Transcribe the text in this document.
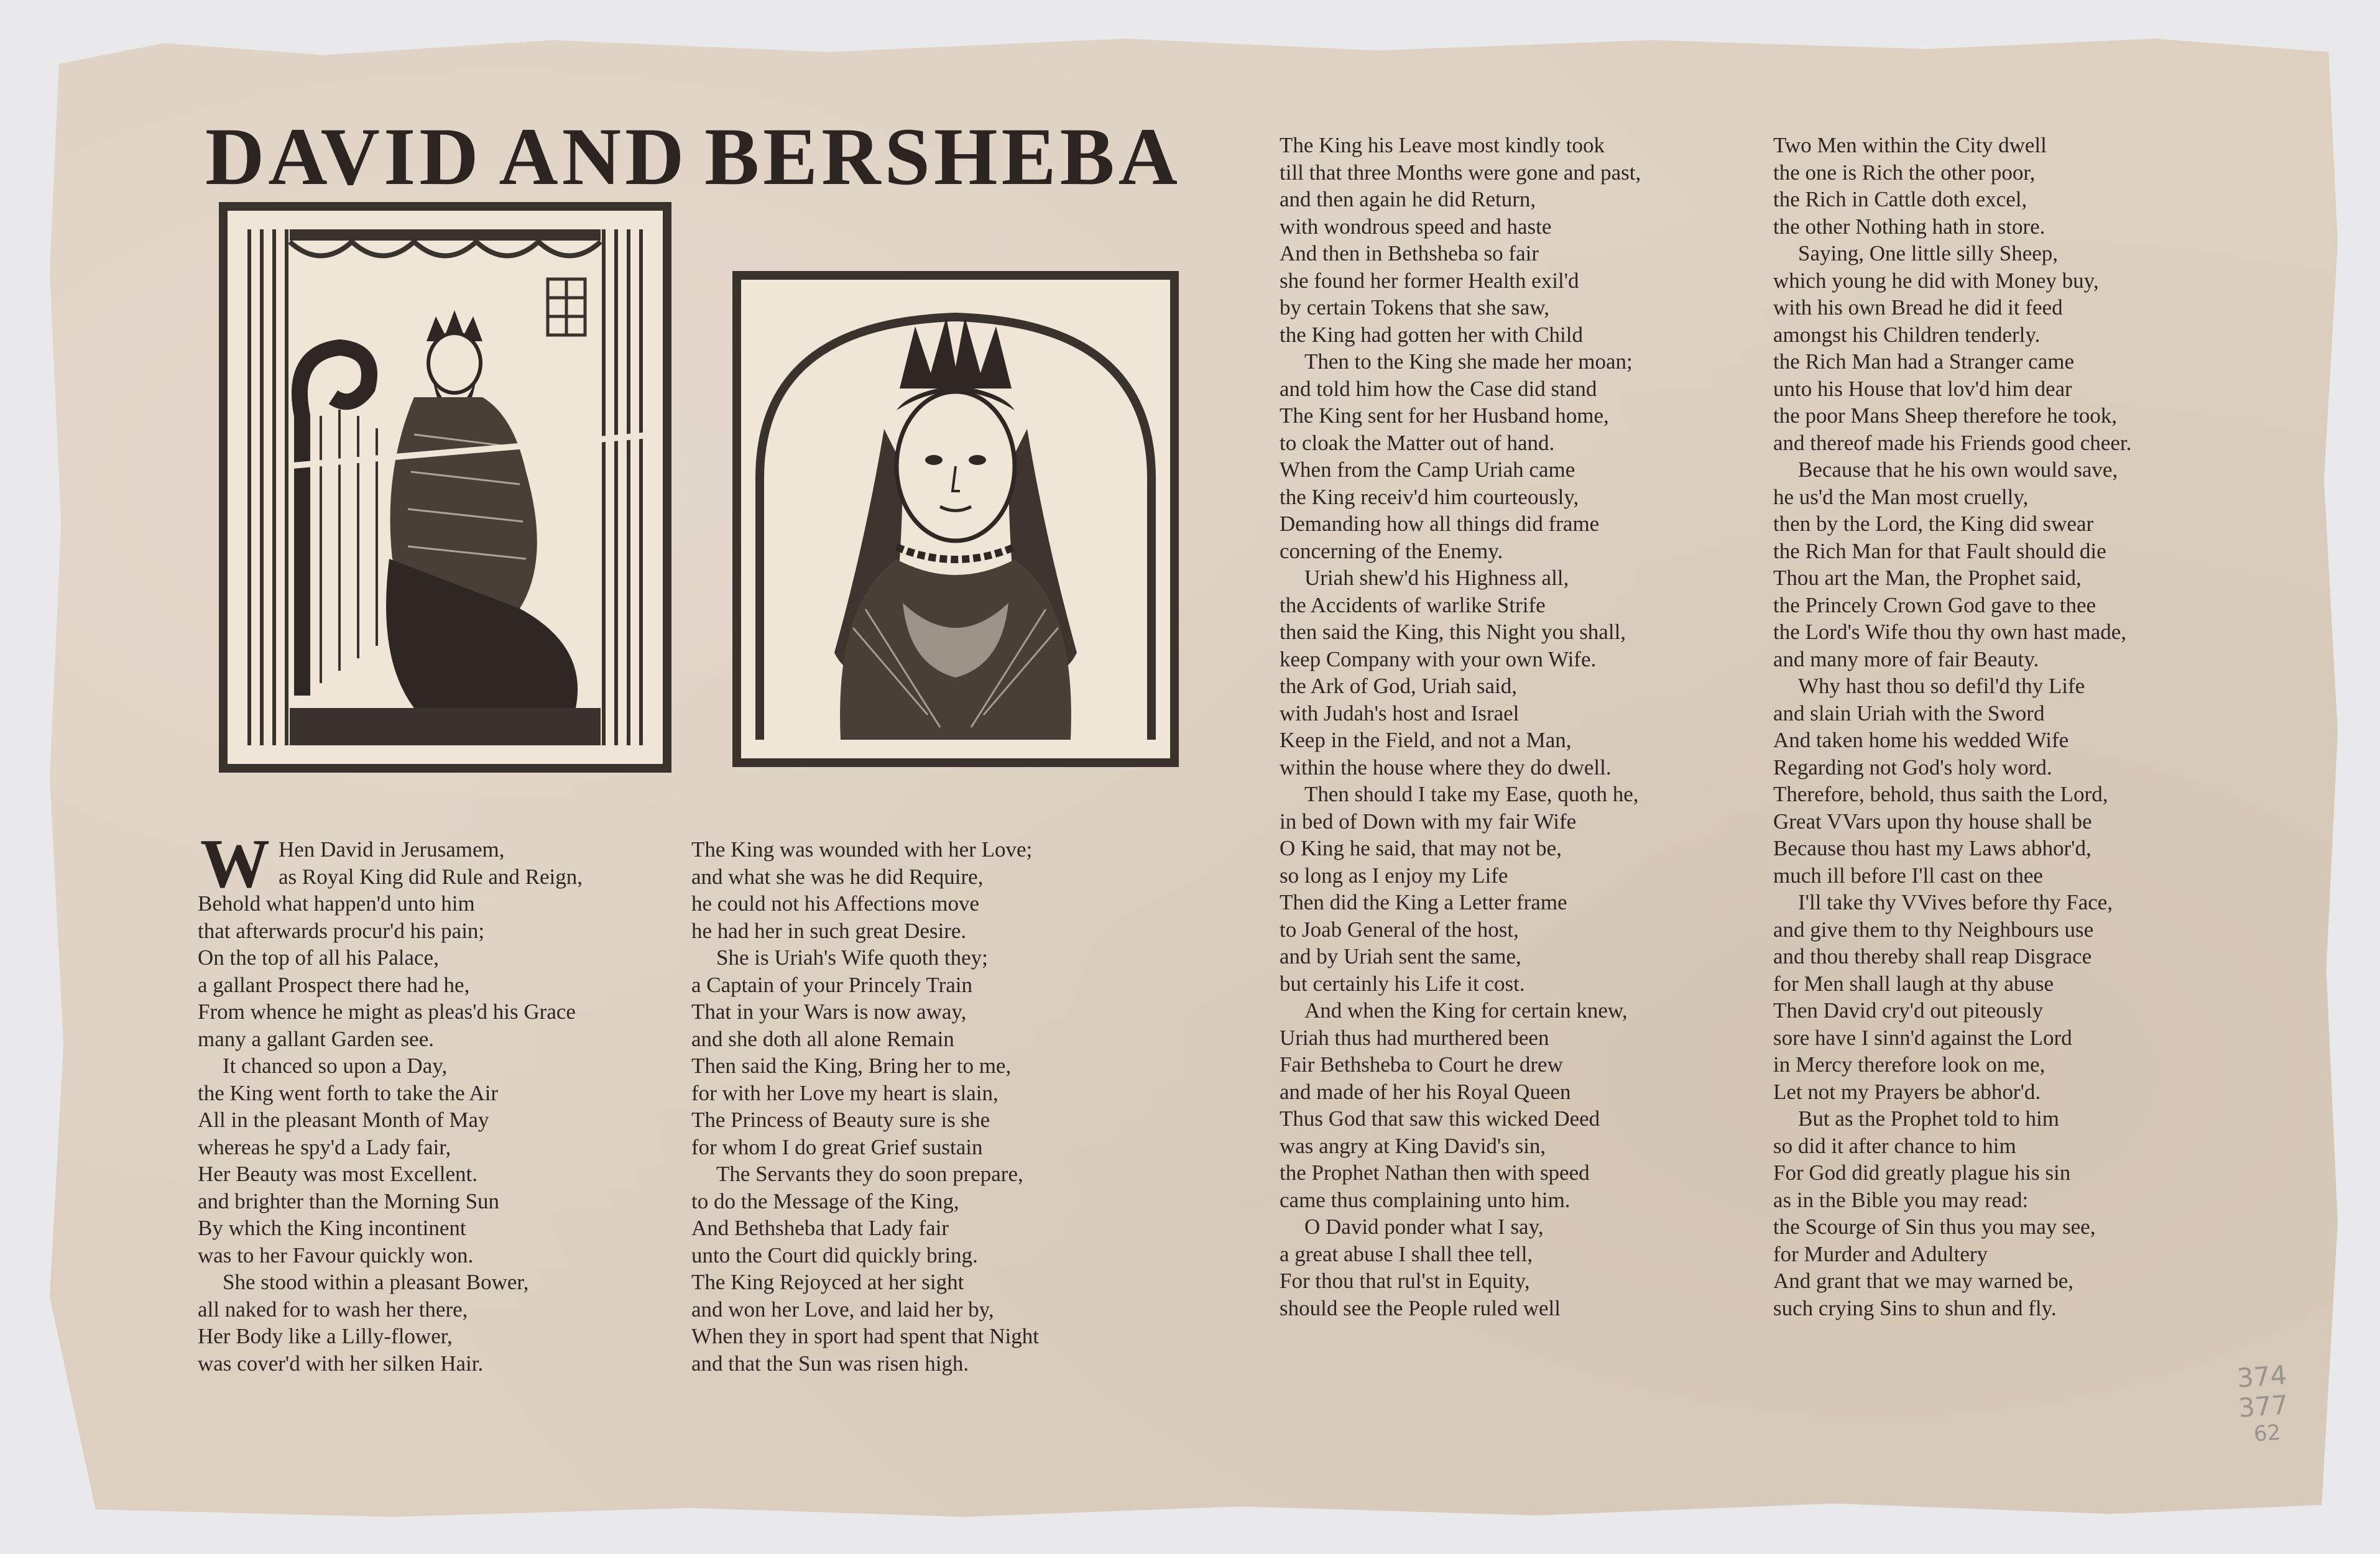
DAVID AND BERSHEBA
W Hen David in Jerusamem,

as Royal King did Rule and Reign,

Behold what happen'd unto him

that afterwards procur'd his pain;

On the top of all his Palace,

a gallant Prospect there had he,

From whence he might as pleas'd his Grace

many a gallant Garden see.

It chanced so upon a Day,

the King went forth to take the Air

All in the pleasant Month of May

whereas he spy'd a Lady fair,

Her Beauty was most Excellent.

and brighter than the Morning Sun

By which the King incontinent

was to her Favour quickly won.

She stood within a pleasant Bower,

all naked for to wash her there,

Her Body like a Lilly-flower,

was cover'd with her silken Hair.

The King was wounded with her Love;

and what she was he did Require,

he could not his Affections move

he had her in such great Desire.

She is Uriah's Wife quoth they;

a Captain of your Princely Train

That in your Wars is now away,

and she doth all alone Remain

Then said the King, Bring her to me,

for with her Love my heart is slain,

The Princess of Beauty sure is she

for whom I do great Grief sustain

The Servants they do soon prepare,

to do the Message of the King,

And Bethsheba that Lady fair

unto the Court did quickly bring.

The King Rejoyced at her sight

and won her Love, and laid her by,

When they in sport had spent that Night

and that the Sun was risen high.

The King his Leave most kindly took

till that three Months were gone and past,

and then again he did Return,

with wondrous speed and haste

And then in Bethsheba so fair

she found her former Health exil'd

by certain Tokens that she saw,

the King had gotten her with Child

Then to the King she made her moan;

and told him how the Case did stand

The King sent for her Husband home,

to cloak the Matter out of hand.

When from the Camp Uriah came

the King receiv'd him courteously,

Demanding how all things did frame

concerning of the Enemy.

Uriah shew'd his Highness all,

the Accidents of warlike Strife

then said the King, this Night you shall,

keep Company with your own Wife.

the Ark of God, Uriah said,

with Judah's host and Israel

Keep in the Field, and not a Man,

within the house where they do dwell.

Then should I take my Ease, quoth he,

in bed of Down with my fair Wife

O King he said, that may not be,

so long as I enjoy my Life

Then did the King a Letter frame

to Joab General of the host,

and by Uriah sent the same,

but certainly his Life it cost.

And when the King for certain knew,

Uriah thus had murthered been

Fair Bethsheba to Court he drew

and made of her his Royal Queen

Thus God that saw this wicked Deed

was angry at King David's sin,

the Prophet Nathan then with speed

came thus complaining unto him.

O David ponder what I say,

a great abuse I shall thee tell,

For thou that rul'st in Equity,

should see the People ruled well

Two Men within the City dwell

the one is Rich the other poor,

the Rich in Cattle doth excel,

the other Nothing hath in store.

Saying, One little silly Sheep,

which young he did with Money buy,

with his own Bread he did it feed

amongst his Children tenderly.

the Rich Man had a Stranger came

unto his House that lov'd him dear

the poor Mans Sheep therefore he took,

and thereof made his Friends good cheer.

Because that he his own would save,

he us'd the Man most cruelly,

then by the Lord, the King did swear

the Rich Man for that Fault should die

Thou art the Man, the Prophet said,

the Princely Crown God gave to thee

the Lord's Wife thou thy own hast made,

and many more of fair Beauty.

Why hast thou so defil'd thy Life

and slain Uriah with the Sword

And taken home his wedded Wife

Regarding not God's holy word.

Therefore, behold, thus saith the Lord,

Great VVars upon thy house shall be

Because thou hast my Laws abhor'd,

much ill before I'll cast on thee

I'll take thy VVives before thy Face,

and give them to thy Neighbours use

and thou thereby shall reap Disgrace

for Men shall laugh at thy abuse

Then David cry'd out piteously

sore have I sinn'd against the Lord

in Mercy therefore look on me,

Let not my Prayers be abhor'd.

But as the Prophet told to him

so did it after chance to him

For God did greatly plague his sin

as in the Bible you may read:

the Scourge of Sin thus you may see,

for Murder and Adultery

And grant that we may warned be,

such crying Sins to shun and fly.

374
377
62
